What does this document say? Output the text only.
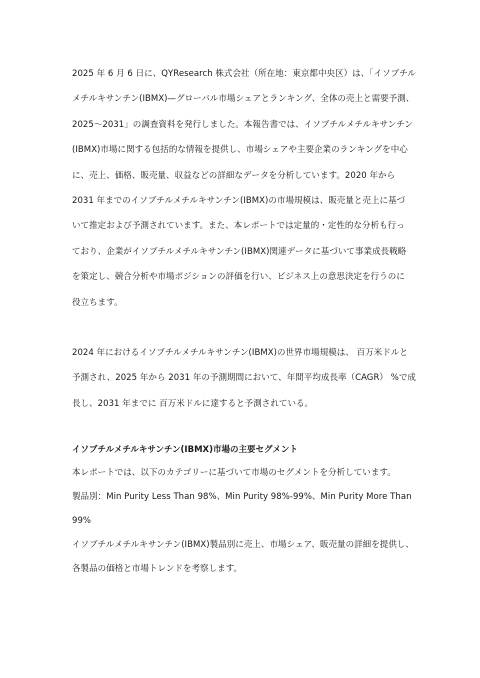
2025 年 6 月 6 日に、QYResearch 株式会社（所在地：東京都中央区）は、「イソブチル
メチルキサンチン(IBMX)—グローバル市場シェアとランキング、全体の売上と需要予測、
2025～2031」の調査資料を発行しました。本報告書では、イソブチルメチルキサンチン
(IBMX)市場に関する包括的な情報を提供し、市場シェアや主要企業のランキングを中心
に、売上、価格、販売量、収益などの詳細なデータを分析しています。2020 年から
2031 年までのイソブチルメチルキサンチン(IBMX)の市場規模は、販売量と売上に基づ
いて推定および予測されています。また、本レポートでは定量的・定性的な分析も行っ
ており、企業がイソブチルメチルキサンチン(IBMX)関連データに基づいて事業成長戦略
を策定し、競合分析や市場ポジションの評価を行い、ビジネス上の意思決定を行うのに
役立ちます。

2024 年におけるイソブチルメチルキサンチン(IBMX)の世界市場規模は、 百万米ドルと
予測され、2025 年から 2031 年の予測期間において、年間平均成長率（CAGR） %で成
長し、2031 年までに 百万米ドルに達すると予測されている。

イソブチルメチルキサンチン(IBMX)市場の主要セグメント

本レポートでは、以下のカテゴリーに基づいて市場のセグメントを分析しています。
製品別：Min Purity Less Than 98%、Min Purity 98%-99%、Min Purity More Than
99%
イソブチルメチルキサンチン(IBMX)製品別に売上、市場シェア、販売量の詳細を提供し、
各製品の価格と市場トレンドを考察します。
